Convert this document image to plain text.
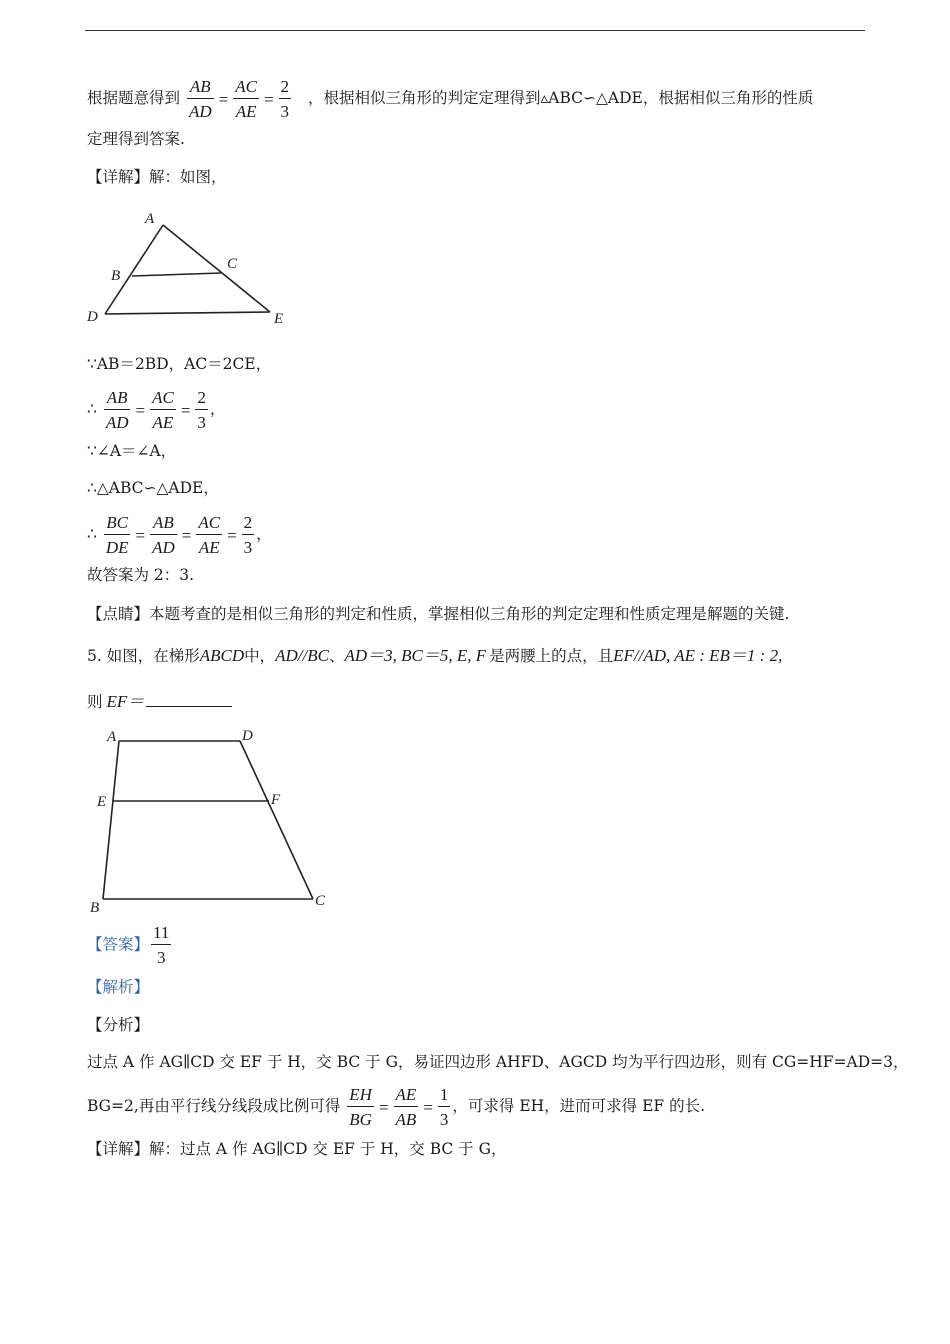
根据题意得到 $\frac{AB}{AD} = \frac{AC}{AE} = \frac{2}{3}$ ，根据相似三角形的判定定理得到▵ABC∽△ADE，根据相似三角形的性质
定理得到答案.
【详解】解：如图，
A
B
C
D	E
∵AB＝2BD，AC＝2CE，
∴ $\frac{AB}{AD} = \frac{AC}{AE} = \frac{2}{3}$ ，
∵∠A＝∠A，
∴△ABC∽△ADE，
∴ $\frac{BC}{DE} = \frac{AB}{AD} = \frac{AC}{AE} = \frac{2}{3}$ ，
故答案为 2：3.
【点睛】本题考查的是相似三角形的判定和性质，掌握相似三角形的判定定理和性质定理是解题的关键.
5. 如图，在梯形ABCD中，AD//BC、AD＝3, BC＝5, E, F 是两腰上的点，且EF//AD, AE : EB＝1 : 2,
则 EF＝
A	D
E	F
B	C
【答案】 $\frac{11}{3}$
【解析】
【分析】
过点 A 作 AG∥CD 交 EF 于 H，交 BC 于 G，易证四边形 AHFD、AGCD 均为平行四边形，则有 CG=HF=AD=3，
BG=2,再由平行线分线段成比例可得 $\frac{EH}{BG} = \frac{AE}{AB} = \frac{1}{3}$ ，可求得 EH，进而可求得 EF 的长.
【详解】解：过点 A 作 AG∥CD 交 EF 于 H，交 BC 于 G，
